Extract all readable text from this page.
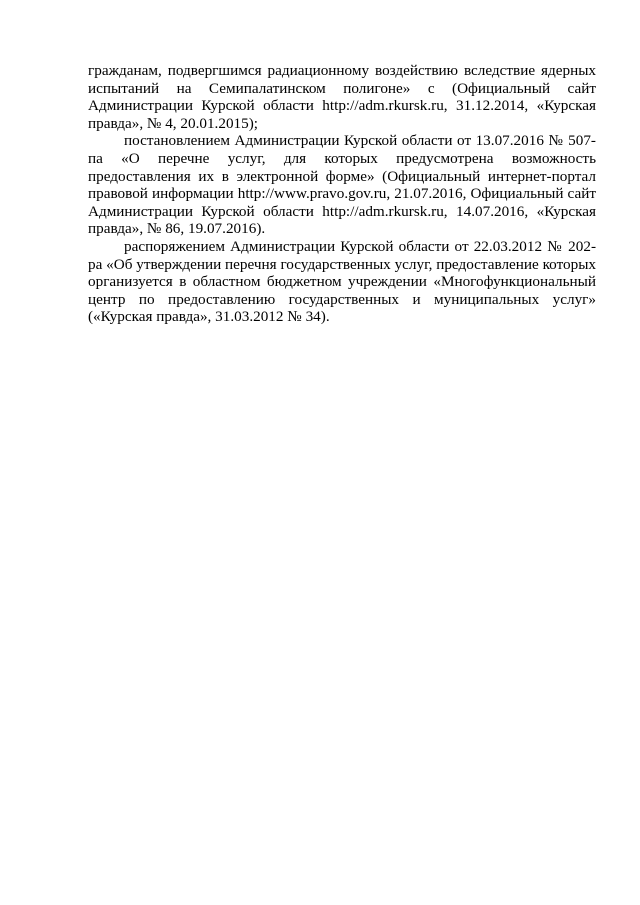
гражданам, подвергшимся радиационному воздействию вследствие ядерных испытаний на Семипалатинском полигоне» с (Официальный сайт Администрации Курской области http://adm.rkursk.ru, 31.12.2014, «Курская правда», № 4, 20.01.2015);

постановлением Администрации Курской области от 13.07.2016 № 507-па «О перечне услуг, для которых предусмотрена возможность предоставления их в электронной форме» (Официальный интернет-портал правовой информации http://www.pravo.gov.ru, 21.07.2016, Официальный сайт Администрации Курской области http://adm.rkursk.ru, 14.07.2016, «Курская правда», № 86, 19.07.2016).

распоряжением Администрации Курской области от 22.03.2012 № 202-ра «Об утверждении перечня государственных услуг, предоставление которых организуется в областном бюджетном учреждении «Многофункциональный центр по предоставлению государственных и муниципальных услуг» («Курская правда», 31.03.2012 № 34).
